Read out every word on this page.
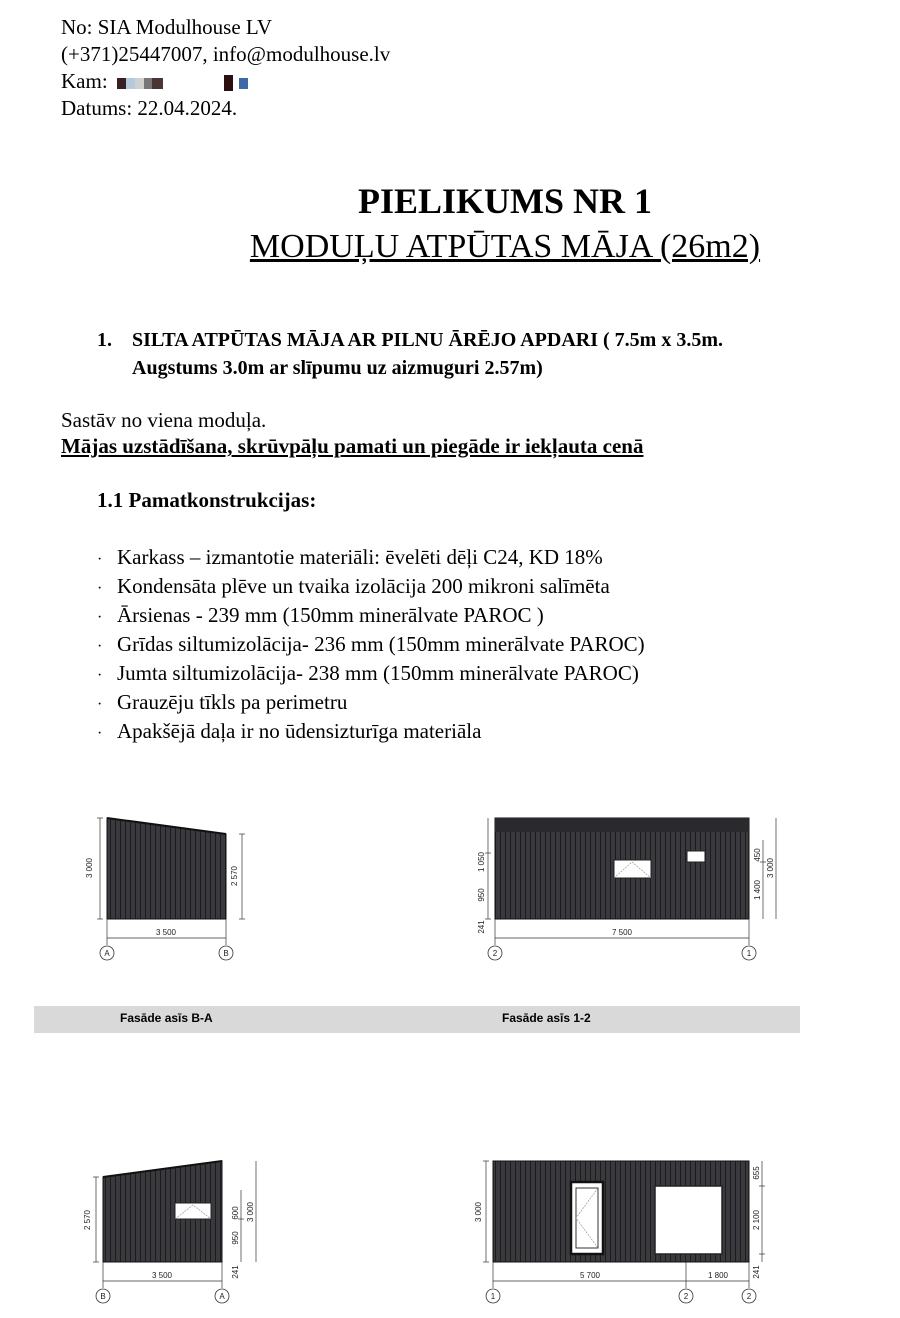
No: SIA Modulhouse LV
(+371)25447007, info@modulhouse.lv
Kam:
Datums: 22.04.2024.
PIELIKUMS NR 1
MODUĻU ATPŪTAS MĀJA (26m2)
1. SILTA ATPŪTAS MĀJA AR PILNU ĀRĒJO APDARI ( 7.5m x 3.5m.
Augstums 3.0m ar slīpumu uz aizmuguri 2.57m)
Sastāv no viena moduļa.
Mājas uzstādīšana, skrūvpāļu pamati un piegāde ir iekļauta cenā
1.1 Pamatkonstrukcijas:
· Karkass – izmantotie materiāli: ēvelēti dēļi C24, KD 18%
· Kondensāta plēve un tvaika izolācija 200 mikroni salīmēta
· Ārsienas - 239 mm (150mm minerālvate PAROC )
· Grīdas siltumizolācija- 236 mm (150mm minerālvate PAROC)
· Jumta siltumizolācija- 238 mm (150mm minerālvate PAROC)
· Grauzēju tīkls pa perimetru
· Apakšējā daļa ir no ūdensizturīga materiāla
Fasāde asīs B-A	Fasāde asīs 1-2
3 000	2 570
3 500
A	B
1 050
950
241
450
1 400
3 000
7 500
2	1
2 570	600
950
241
3 000
3 500
B	A
3 000
655
2 100
241
5 700	1 800
1	2	2
